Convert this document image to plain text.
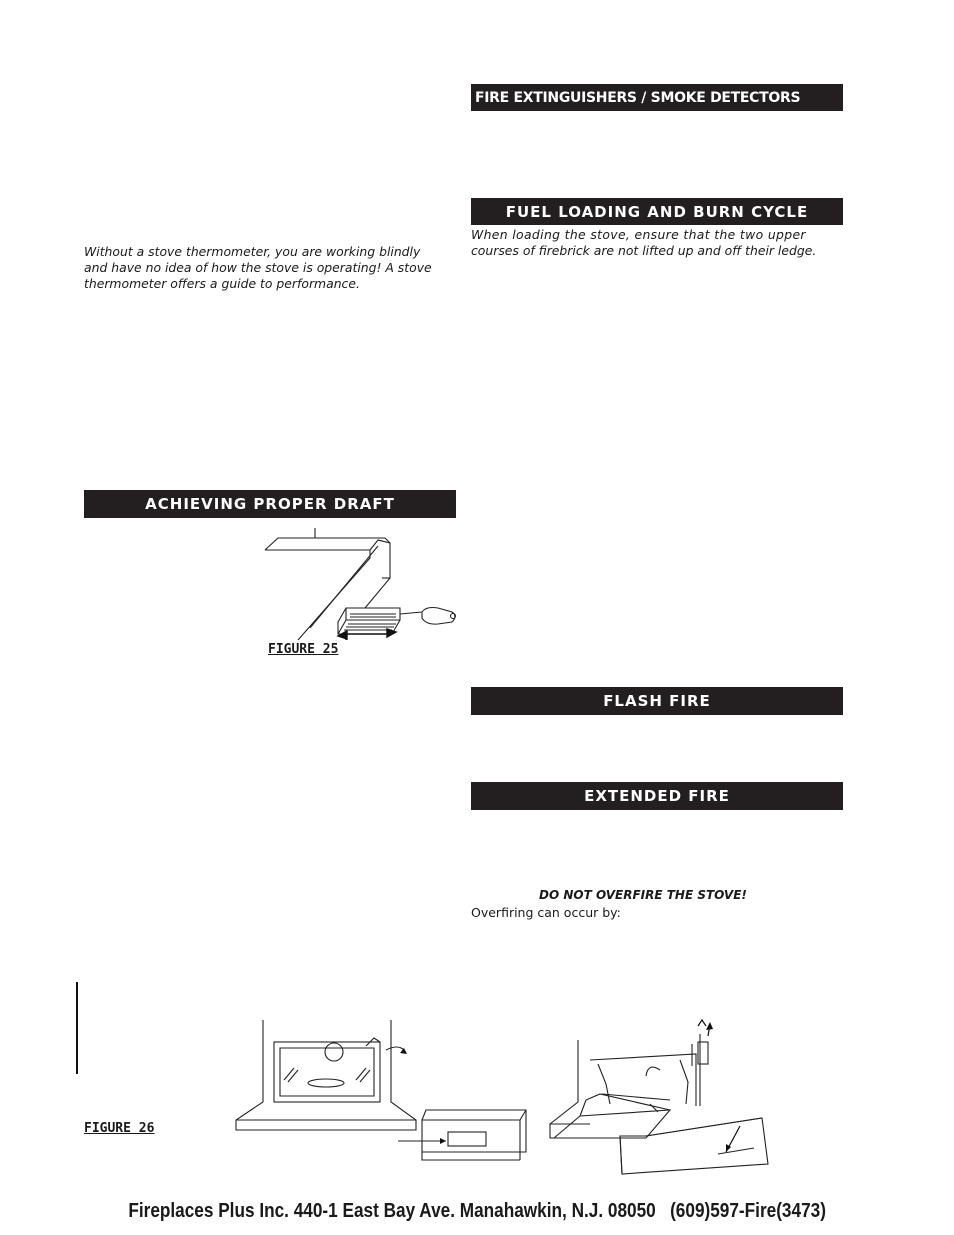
FIRE EXTINGUISHERS / SMOKE DETECTORS
FUEL LOADING AND BURN CYCLE
ACHIEVING PROPER DRAFT
FLASH FIRE
EXTENDED FIRE
Without a stove thermometer, you are working blindly
and have no idea of how the stove is operating! A stove
thermometer offers a guide to performance.
When loading the stove, ensure that the two upper
courses of firebrick are not lifted up and off their ledge.
FIGURE 25
DO NOT OVERFIRE THE STOVE!
Overfiring can occur by:
FIGURE 26
Fireplaces Plus Inc. 440-1 East Bay Ave. Manahawkin, N.J. 08050   (609)597-Fire(3473)
